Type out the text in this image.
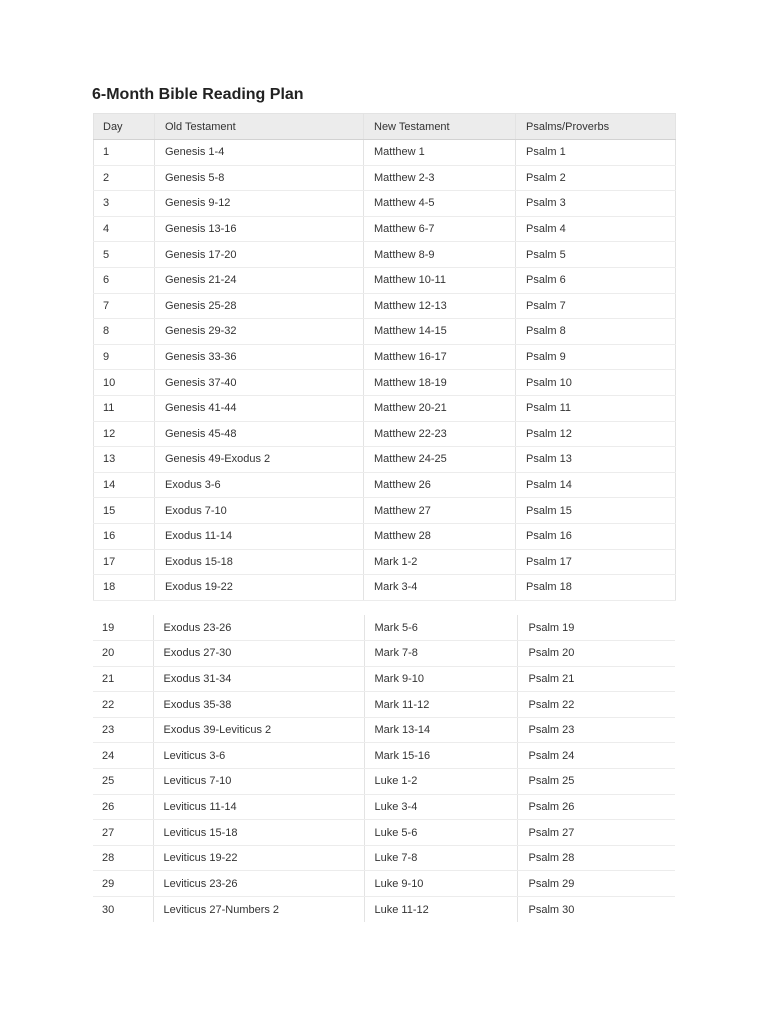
6-Month Bible Reading Plan
Day	Old Testament	New Testament	Psalms/Proverbs
1	Genesis 1-4	Matthew 1	Psalm 1
2	Genesis 5-8	Matthew 2-3	Psalm 2
3	Genesis 9-12	Matthew 4-5	Psalm 3
4	Genesis 13-16	Matthew 6-7	Psalm 4
5	Genesis 17-20	Matthew 8-9	Psalm 5
6	Genesis 21-24	Matthew 10-11	Psalm 6
7	Genesis 25-28	Matthew 12-13	Psalm 7
8	Genesis 29-32	Matthew 14-15	Psalm 8
9	Genesis 33-36	Matthew 16-17	Psalm 9
10	Genesis 37-40	Matthew 18-19	Psalm 10
11	Genesis 41-44	Matthew 20-21	Psalm 11
12	Genesis 45-48	Matthew 22-23	Psalm 12
13	Genesis 49-Exodus 2	Matthew 24-25	Psalm 13
14	Exodus 3-6	Matthew 26	Psalm 14
15	Exodus 7-10	Matthew 27	Psalm 15
16	Exodus 11-14	Matthew 28	Psalm 16
17	Exodus 15-18	Mark 1-2	Psalm 17
18	Exodus 19-22	Mark 3-4	Psalm 18
19	Exodus 23-26	Mark 5-6	Psalm 19
20	Exodus 27-30	Mark 7-8	Psalm 20
21	Exodus 31-34	Mark 9-10	Psalm 21
22	Exodus 35-38	Mark 11-12	Psalm 22
23	Exodus 39-Leviticus 2	Mark 13-14	Psalm 23
24	Leviticus 3-6	Mark 15-16	Psalm 24
25	Leviticus 7-10	Luke 1-2	Psalm 25
26	Leviticus 11-14	Luke 3-4	Psalm 26
27	Leviticus 15-18	Luke 5-6	Psalm 27
28	Leviticus 19-22	Luke 7-8	Psalm 28
29	Leviticus 23-26	Luke 9-10	Psalm 29
30	Leviticus 27-Numbers 2	Luke 11-12	Psalm 30
